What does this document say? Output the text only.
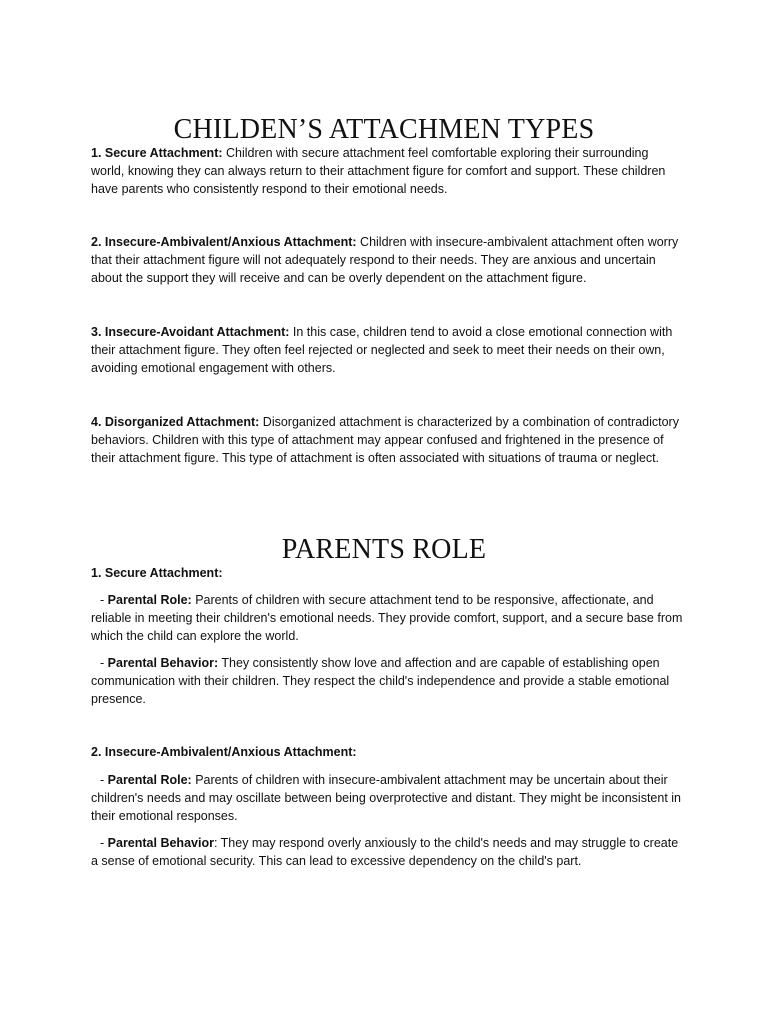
CHILDEN’S ATTACHMEN TYPES

1. Secure Attachment: Children with secure attachment feel comfortable exploring their surrounding world, knowing they can always return to their attachment figure for comfort and support. These children have parents who consistently respond to their emotional needs.

2. Insecure-Ambivalent/Anxious Attachment: Children with insecure-ambivalent attachment often worry that their attachment figure will not adequately respond to their needs. They are anxious and uncertain about the support they will receive and can be overly dependent on the attachment figure.

3. Insecure-Avoidant Attachment: In this case, children tend to avoid a close emotional connection with their attachment figure. They often feel rejected or neglected and seek to meet their needs on their own, avoiding emotional engagement with others.

4. Disorganized Attachment: Disorganized attachment is characterized by a combination of contradictory behaviors. Children with this type of attachment may appear confused and frightened in the presence of their attachment figure. This type of attachment is often associated with situations of trauma or neglect.

PARENTS ROLE

1. Secure Attachment:

- Parental Role: Parents of children with secure attachment tend to be responsive, affectionate, and reliable in meeting their children's emotional needs. They provide comfort, support, and a secure base from which the child can explore the world.

- Parental Behavior: They consistently show love and affection and are capable of establishing open communication with their children. They respect the child's independence and provide a stable emotional presence.

2. Insecure-Ambivalent/Anxious Attachment:

- Parental Role: Parents of children with insecure-ambivalent attachment may be uncertain about their children's needs and may oscillate between being overprotective and distant. They might be inconsistent in their emotional responses.

- Parental Behavior: They may respond overly anxiously to the child's needs and may struggle to create a sense of emotional security. This can lead to excessive dependency on the child's part.
